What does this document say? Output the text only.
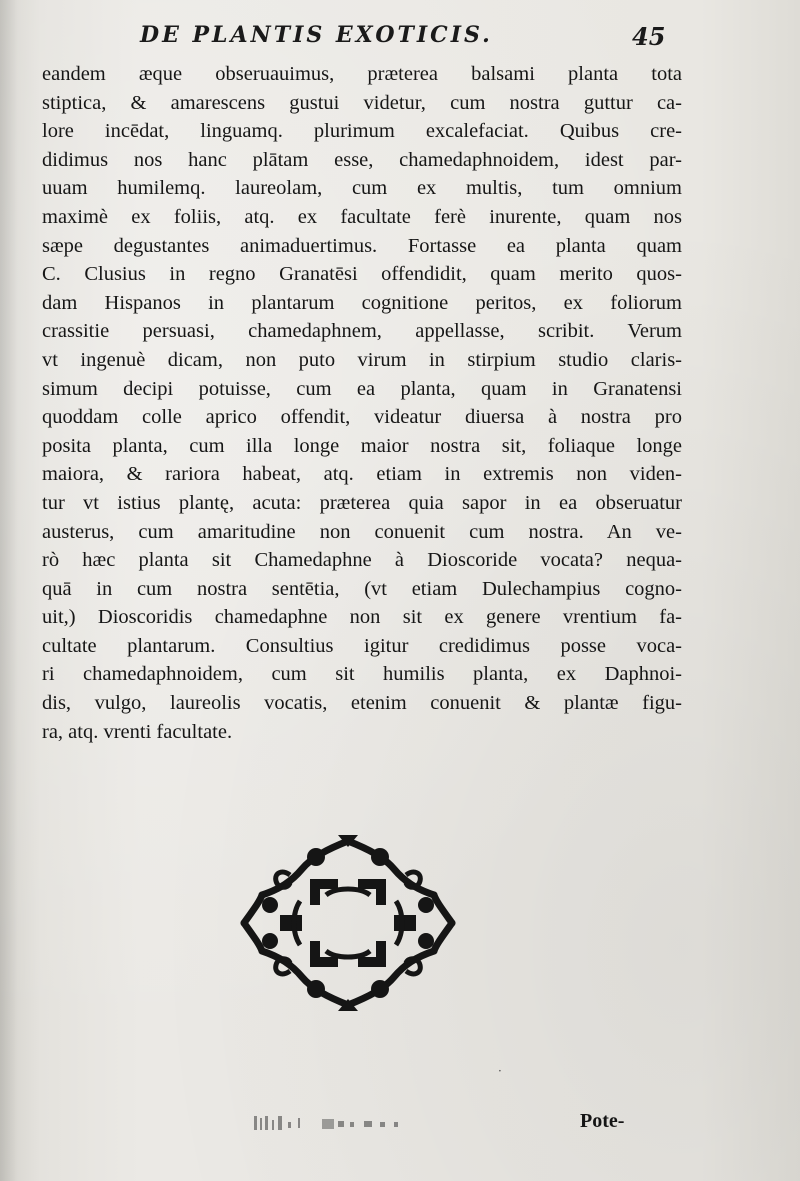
DE PLANTIS EXOTICIS.	45
eandem æque obseruauimus, præterea balsami planta tota
stiptica, & amarescens gustui videtur, cum nostra guttur ca-
lore incēdat, linguamq. plurimum excalefaciat. Quibus cre-
didimus nos hanc plātam esse, chamedaphnoidem, idest par-
uuam humilemq. laureolam, cum ex multis, tum omnium
maximè ex foliis, atq. ex facultate ferè inurente, quam nos
sæpe degustantes animaduertimus. Fortasse ea planta quam
C. Clusius in regno Granatēsi offendidit, quam merito quos-
dam Hispanos in plantarum cognitione peritos, ex foliorum
crassitie persuasi, chamedaphnem, appellasse, scribit. Verum
vt ingenuè dicam, non puto virum in stirpium studio claris-
simum decipi potuisse, cum ea planta, quam in Granatensi
quoddam colle aprico offendit, videatur diuersa à nostra pro
posita planta, cum illa longe maior nostra sit, foliaque longe
maiora, & rariora habeat, atq. etiam in extremis non viden-
tur vt istius plantę, acuta: præterea quia sapor in ea obseruatur
austerus, cum amaritudine non conuenit cum nostra. An ve-
rò hæc planta sit Chamedaphne à Dioscoride vocata? nequa-
quā in cum nostra sentētia, (vt etiam Dulechampius cogno-
uit,) Dioscoridis chamedaphne non sit ex genere vrentium fa-
cultate plantarum. Consultius igitur credidimus posse voca-
ri chamedaphnoidem, cum sit humilis planta, ex Daphnoi-
dis, vulgo, laureolis vocatis, etenim conuenit & plantæ figu-
ra, atq. vrenti facultate.
·
Pote-
